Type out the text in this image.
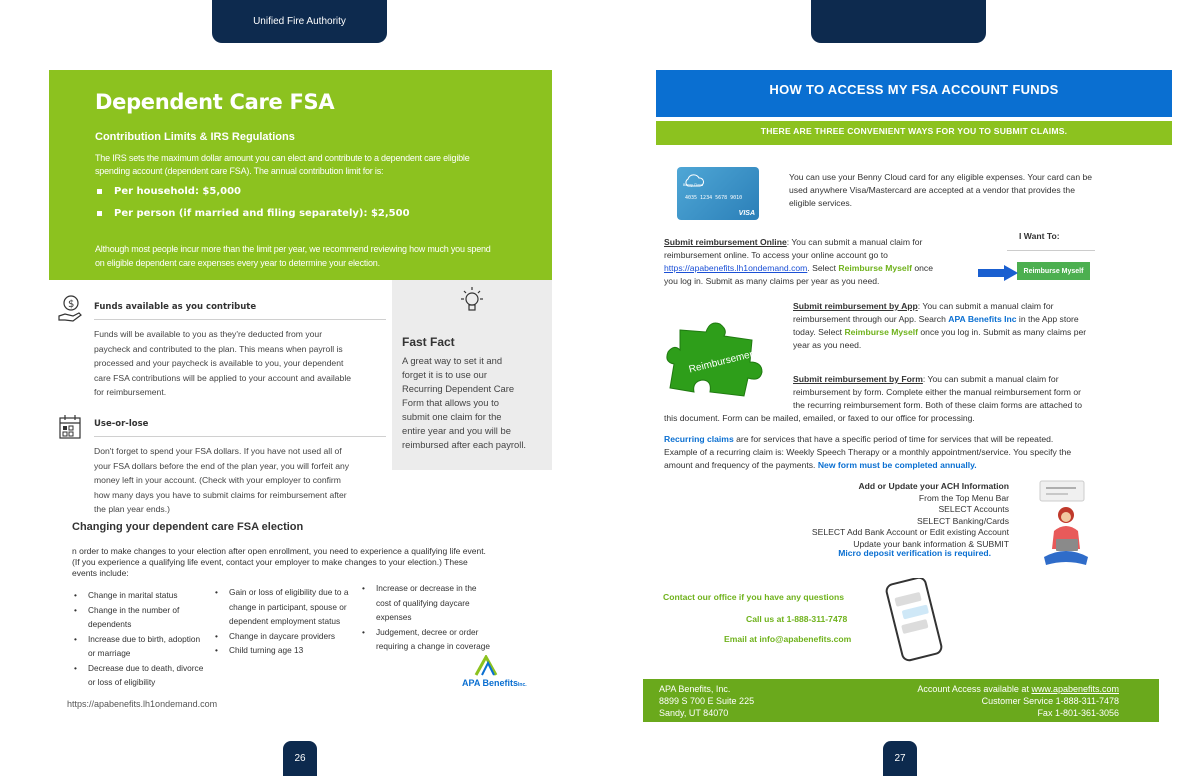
Unified Fire Authority
Dependent Care FSA
Contribution Limits & IRS Regulations
The IRS sets the maximum dollar amount you can elect and contribute to a dependent care eligible
spending account (dependent care FSA). The annual contribution limit for is:
Per household: $5,000
Per person (if married and filing separately): $2,500
Although most people incur more than the limit per year, we recommend reviewing how much you spend
on eligible dependent care expenses every year to determine your election.
Fast Fact
A great way to set it and
forget it is to use our
Recurring Dependent Care
Form that allows you to
submit one claim for the
entire year and you will be
reimbursed after each payroll.
$ Funds available as you contribute
Funds will be available to you as they're deducted from your
paycheck and contributed to the plan. This means when payroll is
processed and your paycheck is available to you, your dependent
care FSA contributions will be applied to your account and available
for reimbursement.
Use-or-lose
Don't forget to spend your FSA dollars. If you have not used all of
your FSA dollars before the end of the plan year, you will forfeit any
money left in your account. (Check with your employer to confirm
how many days you have to submit claims for reimbursement after
the plan year ends.)
Changing your dependent care FSA election
n order to make changes to your election after open enrollment, you need to experience a qualifying life event.
(If you experience a qualifying life event, contact your employer to make changes to your election.) These
events include:
• Change in marital status
• Change in the number of dependents
• Increase due to birth, adoption or marriage
• Decrease due to death, divorce or loss of eligibility
• Gain or loss of eligibility due to a change in participant, spouse or dependent employment status
• Change in daycare providers
• Child turning age 13
• Increase or decrease in the cost of qualifying daycare expenses
• Judgement, decree or order requiring a change in coverage
APA BenefitsInc.
https://apabenefits.lh1ondemand.com
HOW TO ACCESS MY FSA ACCOUNT FUNDS
THERE ARE THREE CONVENIENT WAYS FOR YOU TO SUBMIT CLAIMS.
Benny Cloud
4035 1234 5678 9010
VISA
You can use your Benny Cloud card for any eligible expenses. Your card can be
used anywhere Visa/Mastercard are accepted at a vendor that provides the
eligible services.
Submit reimbursement Online: You can submit a manual claim for
reimbursement online. To access your online account go to
https://apabenefits.lh1ondemand.com. Select Reimburse Myself once
you log in. Submit as many claims per year as you need.
I Want To:
Reimburse Myself
Reimbursement
Submit reimbursement by App: You can submit a manual claim for
reimbursement through our App. Search APA Benefits Inc in the App store
today. Select Reimburse Myself once you log in. Submit as many claims per
year as you need.
Submit reimbursement by Form: You can submit a manual claim for
reimbursement by form. Complete either the manual reimbursement form or
the recurring reimbursement form. Both of these claim forms are attached to
this document. Form can be mailed, emailed, or faxed to our office for processing.
Recurring claims are for services that have a specific period of time for services that will be repeated.
Example of a recurring claim is: Weekly Speech Therapy or a monthly appointment/service. You specify the
amount and frequency of the payments. New form must be completed annually.
Add or Update your ACH Information
From the Top Menu Bar
SELECT Accounts
SELECT Banking/Cards
SELECT Add Bank Account or Edit existing Account
Update your bank information & SUBMIT
Micro deposit verification is required.
Contact our office if you have any questions
Call us at 1-888-311-7478
Email at info@apabenefits.com
APA Benefits, Inc.
8899 S 700 E Suite 225
Sandy, UT 84070
Account Access available at www.apabenefits.com
Customer Service 1-888-311-7478
Fax 1-801-361-3056
26	27
